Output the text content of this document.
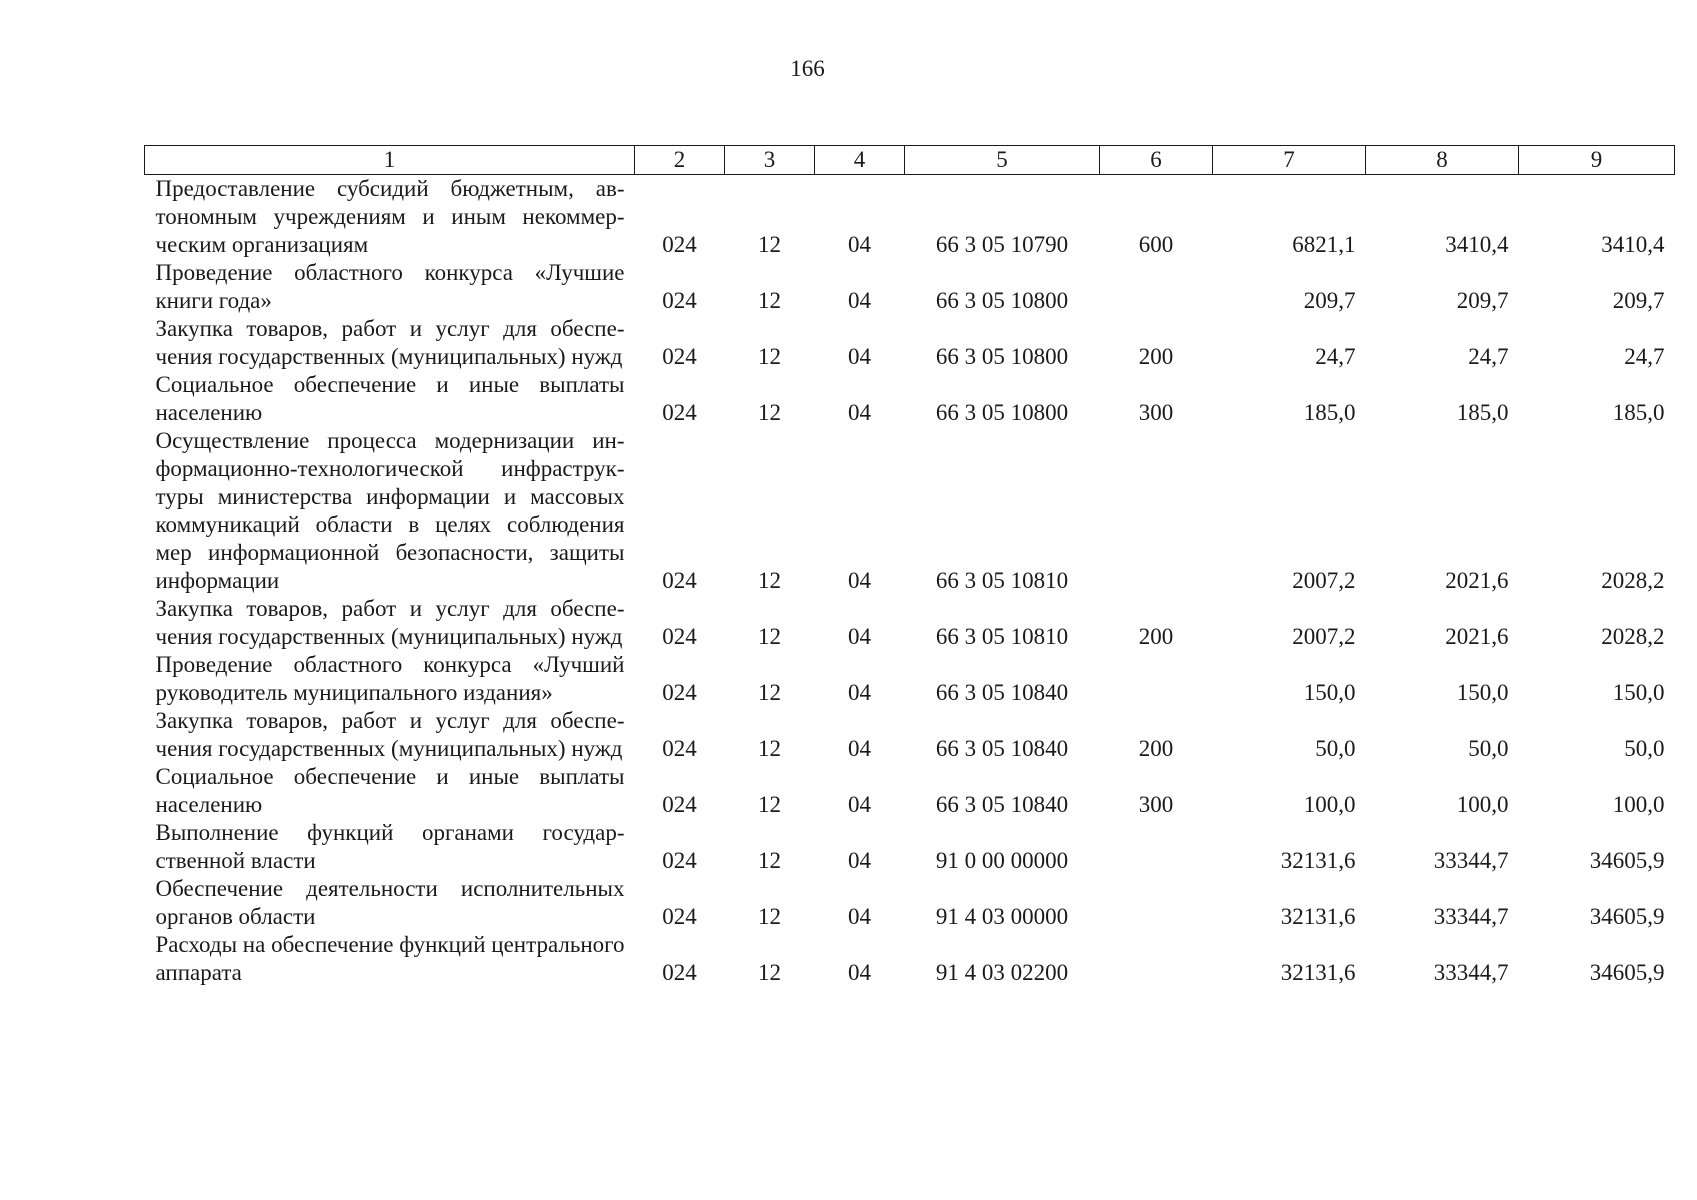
166
1	2	3	4	5	6	7	8	9
Предоставление субсидий бюджетным, автономным учреждениям и иным некоммерческим организациям	024	12	04	66 3 05 10790	600	6821,1	3410,4	3410,4
Проведение областного конкурса «Лучшие книги года»	024	12	04	66 3 05 10800		209,7	209,7	209,7
Закупка товаров, работ и услуг для обеспечения государственных (муниципальных) нужд	024	12	04	66 3 05 10800	200	24,7	24,7	24,7
Социальное обеспечение и иные выплаты населению	024	12	04	66 3 05 10800	300	185,0	185,0	185,0
Осуществление процесса модернизации информационно-технологической инфраструктуры министерства информации и массовых коммуникаций области в целях соблюдения мер информационной безопасности, защиты информации	024	12	04	66 3 05 10810		2007,2	2021,6	2028,2
Закупка товаров, работ и услуг для обеспечения государственных (муниципальных) нужд	024	12	04	66 3 05 10810	200	2007,2	2021,6	2028,2
Проведение областного конкурса «Лучший руководитель муниципального издания»	024	12	04	66 3 05 10840		150,0	150,0	150,0
Закупка товаров, работ и услуг для обеспечения государственных (муниципальных) нужд	024	12	04	66 3 05 10840	200	50,0	50,0	50,0
Социальное обеспечение и иные выплаты населению	024	12	04	66 3 05 10840	300	100,0	100,0	100,0
Выполнение функций органами государственной власти	024	12	04	91 0 00 00000		32131,6	33344,7	34605,9
Обеспечение деятельности исполнительных органов области	024	12	04	91 4 03 00000		32131,6	33344,7	34605,9
Расходы на обеспечение функций центрального аппарата	024	12	04	91 4 03 02200		32131,6	33344,7	34605,9
